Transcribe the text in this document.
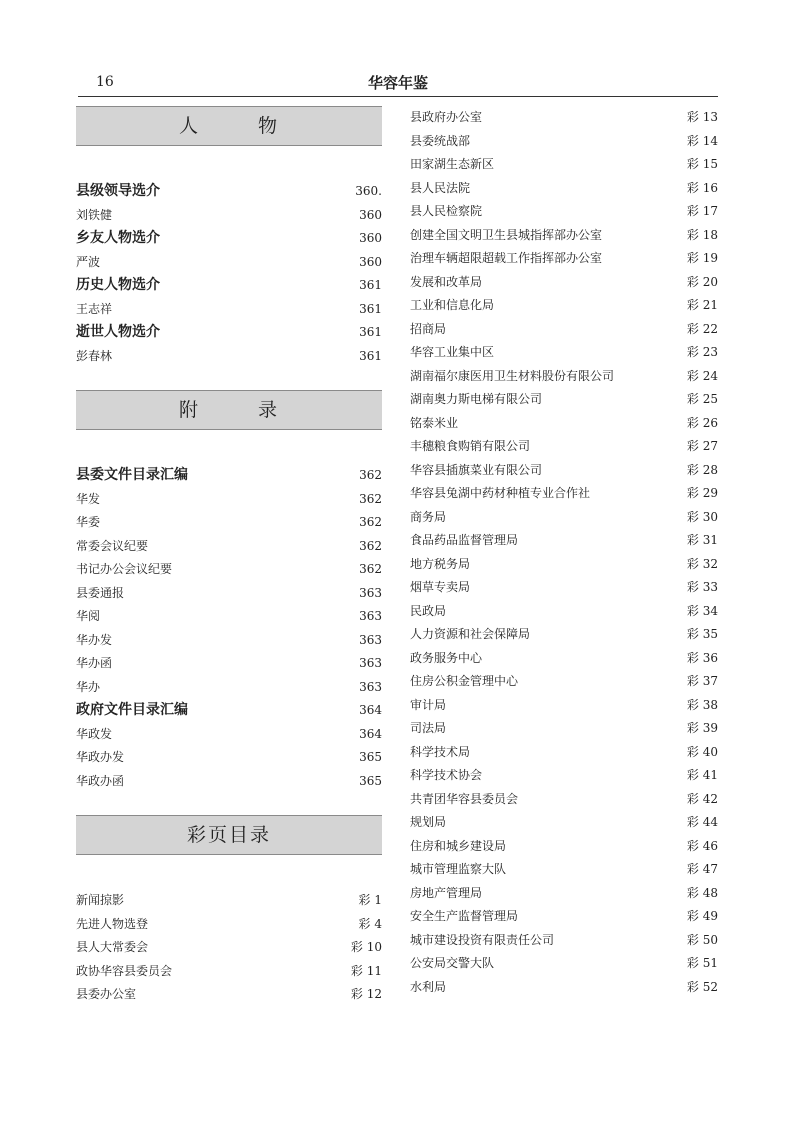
16	华容年鉴
人 物
县级领导选介	360.
刘铁健	360
乡友人物选介	360
严波	360
历史人物选介	361
王志祥	361
逝世人物选介	361
彭春林	361
附 录
县委文件目录汇编	362
华发	362
华委	362
常委会议纪要	362
书记办公会议纪要	362
县委通报	363
华阅	363
华办发	363
华办函	363
华办	363
政府文件目录汇编	364
华政发	364
华政办发	365
华政办函	365
彩页目录
新闻掠影	彩 1
先进人物选登	彩 4
县人大常委会	彩 10
政协华容县委员会	彩 11
县委办公室	彩 12
县政府办公室	彩 13
县委统战部	彩 14
田家湖生态新区	彩 15
县人民法院	彩 16
县人民检察院	彩 17
创建全国文明卫生县城指挥部办公室	彩 18
治理车辆超限超载工作指挥部办公室	彩 19
发展和改革局	彩 20
工业和信息化局	彩 21
招商局	彩 22
华容工业集中区	彩 23
湖南福尔康医用卫生材料股份有限公司	彩 24
湖南奥力斯电梯有限公司	彩 25
铭泰米业	彩 26
丰穗粮食购销有限公司	彩 27
华容县插旗菜业有限公司	彩 28
华容县兔湖中药材种植专业合作社	彩 29
商务局	彩 30
食品药品监督管理局	彩 31
地方税务局	彩 32
烟草专卖局	彩 33
民政局	彩 34
人力资源和社会保障局	彩 35
政务服务中心	彩 36
住房公积金管理中心	彩 37
审计局	彩 38
司法局	彩 39
科学技术局	彩 40
科学技术协会	彩 41
共青团华容县委员会	彩 42
规划局	彩 44
住房和城乡建设局	彩 46
城市管理监察大队	彩 47
房地产管理局	彩 48
安全生产监督管理局	彩 49
城市建设投资有限责任公司	彩 50
公安局交警大队	彩 51
水利局	彩 52
